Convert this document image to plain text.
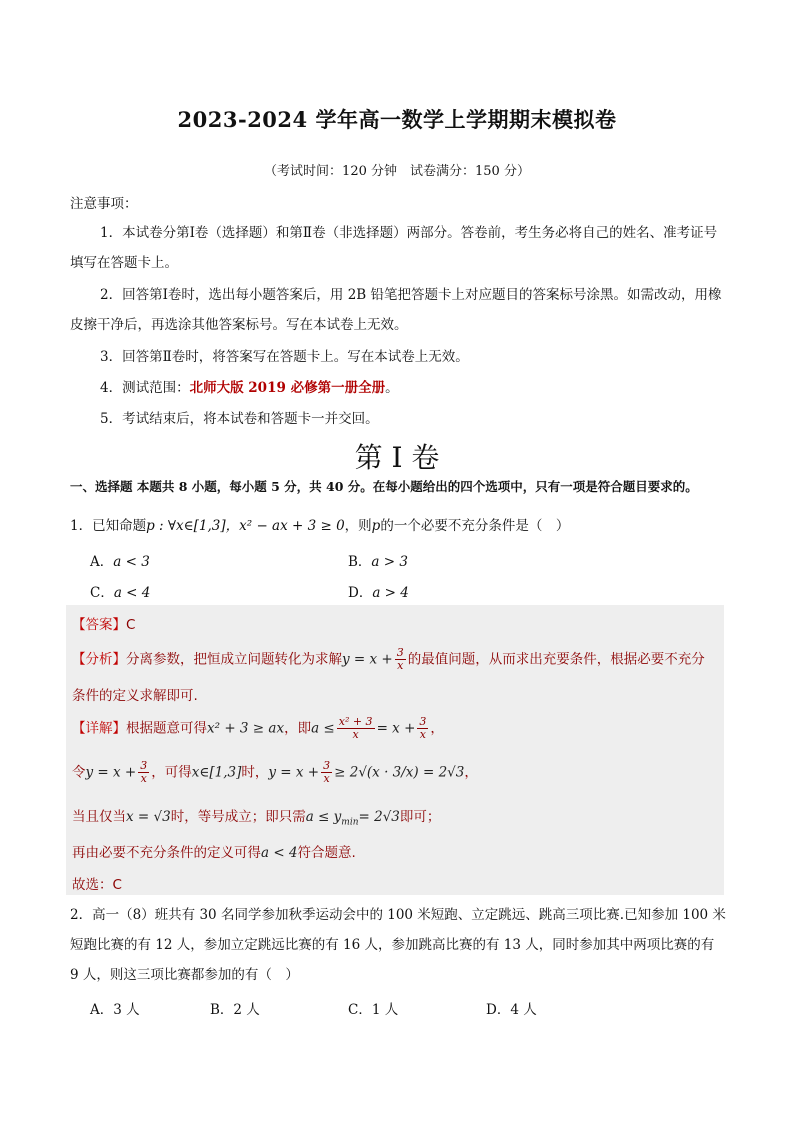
2023-2024 学年高一数学上学期期末模拟卷
（考试时间：120 分钟　试卷满分：150 分）
注意事项：
1．本试卷分第Ⅰ卷（选择题）和第Ⅱ卷（非选择题）两部分。答卷前，考生务必将自己的姓名、准考证号填写在答题卡上。
2．回答第Ⅰ卷时，选出每小题答案后，用 2B 铅笔把答题卡上对应题目的答案标号涂黑。如需改动，用橡皮擦干净后，再选涂其他答案标号。写在本试卷上无效。
3．回答第Ⅱ卷时，将答案写在答题卡上。写在本试卷上无效。
4．测试范围：北师大版 2019 必修第一册全册。
5．考试结束后，将本试卷和答题卡一并交回。
第 I 卷
一、选择题 本题共 8 小题，每小题 5 分，共 40 分。在每小题给出的四个选项中，只有一项是符合题目要求的。
1．已知命题p : ∀x∈[1,3]，x² − ax + 3 ≥ 0，则p的一个必要不充分条件是（　）
A．a < 3	B．a > 3
C．a < 4	D．a > 4
【答案】C
【分析】分离参数，把恒成立问题转化为求解$y = x + \frac{3}{x}$ 的最值问题，从而求出充要条件，根据必要不充分
条件的定义求解即可.
【详解】根据题意可得x² + 3 ≥ ax，即$a \le \frac{\text{x² + 3}}{x} = x + \frac{3}{x}$ ，
令$y = x + \frac{3}{x}$ ，可得x∈[1,3]时，$y = x + \frac{3}{x} \ge 2√(x \cdot 3/x) = 2√3$，
当且仅当x = √3时，等号成立；即只需$a \le y_{min}= 2√3$即可；
再由必要不充分条件的定义可得a < 4符合题意.
故选：C
2．高一（8）班共有 30 名同学参加秋季运动会中的 100 米短跑、立定跳远、跳高三项比赛.已知参加 100 米短跑比赛的有 12 人，参加立定跳远比赛的有 16 人，参加跳高比赛的有 13 人，同时参加其中两项比赛的有 9 人，则这三项比赛都参加的有（　）
A．3 人	B．2 人	C．1 人	D．4 人
